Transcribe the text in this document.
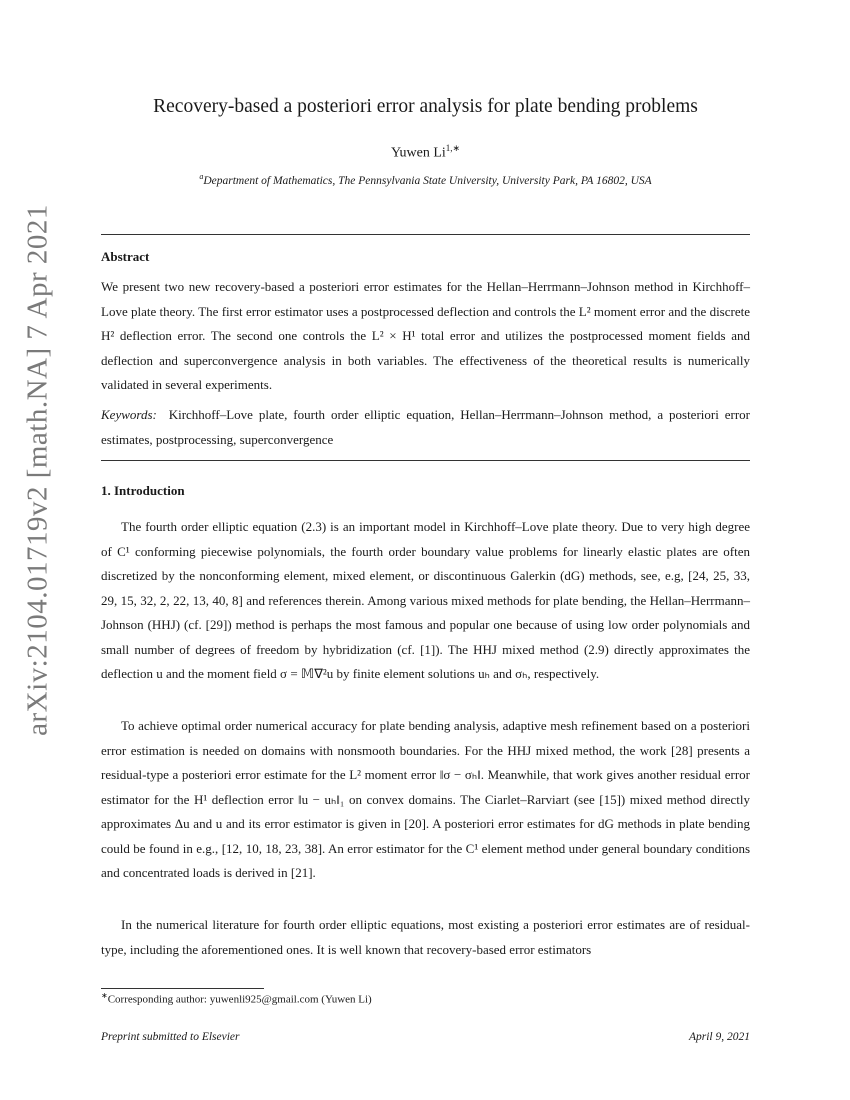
arXiv:2104.01719v2 [math.NA] 7 Apr 2021
Recovery-based a posteriori error analysis for plate bending problems
Yuwen $Li^{1,∗}$
$^a$Department of Mathematics, The Pennsylvania State University, University Park, PA 16802, USA
Abstract
We present two new recovery-based a posteriori error estimates for the Hellan–Herrmann–Johnson method in Kirchhoff–Love plate theory. The first error estimator uses a postprocessed deflection and controls the L² moment error and the discrete H² deflection error. The second one controls the L² × H¹ total error and utilizes the postprocessed moment fields and deflection and superconvergence analysis in both variables. The effectiveness of the theoretical results is numerically validated in several experiments.
Keywords: Kirchhoff–Love plate, fourth order elliptic equation, Hellan–Herrmann–Johnson method, a posteriori error estimates, postprocessing, superconvergence
1. Introduction
The fourth order elliptic equation (2.3) is an important model in Kirchhoff–Love plate theory. Due to very high degree of C¹ conforming piecewise polynomials, the fourth order boundary value problems for linearly elastic plates are often discretized by the nonconforming element, mixed element, or discontinuous Galerkin (dG) methods, see, e.g, [24, 25, 33, 29, 15, 32, 2, 22, 13, 40, 8] and references therein. Among various mixed methods for plate bending, the Hellan–Herrmann–Johnson (HHJ) (cf. [29]) method is perhaps the most famous and popular one because of using low order polynomials and small number of degrees of freedom by hybridization (cf. [1]). The HHJ mixed method (2.9) directly approximates the deflection u and the moment field σ = 𝕄∇²u by finite element solutions uₕ and σₕ, respectively.
To achieve optimal order numerical accuracy for plate bending analysis, adaptive mesh refinement based on a posteriori error estimation is needed on domains with nonsmooth boundaries. For the HHJ mixed method, the work [28] presents a residual-type a posteriori error estimate for the L² moment error ‖σ − σₕ‖. Meanwhile, that work gives another residual error estimator for the H¹ deflection error ‖u − uₕ‖₁ on convex domains. The Ciarlet–Rarviart (see [15]) mixed method directly approximates Δu and u and its error estimator is given in [20]. A posteriori error estimates for dG methods in plate bending could be found in e.g., [12, 10, 18, 23, 38]. An error estimator for the C¹ element method under general boundary conditions and concentrated loads is derived in [21].
In the numerical literature for fourth order elliptic equations, most existing a posteriori error estimates are of residual-type, including the aforementioned ones. It is well known that recovery-based error estimators
∗Corresponding author: yuwenli925@gmail.com (Yuwen Li)
Preprint submitted to Elsevier	April 9, 2021
